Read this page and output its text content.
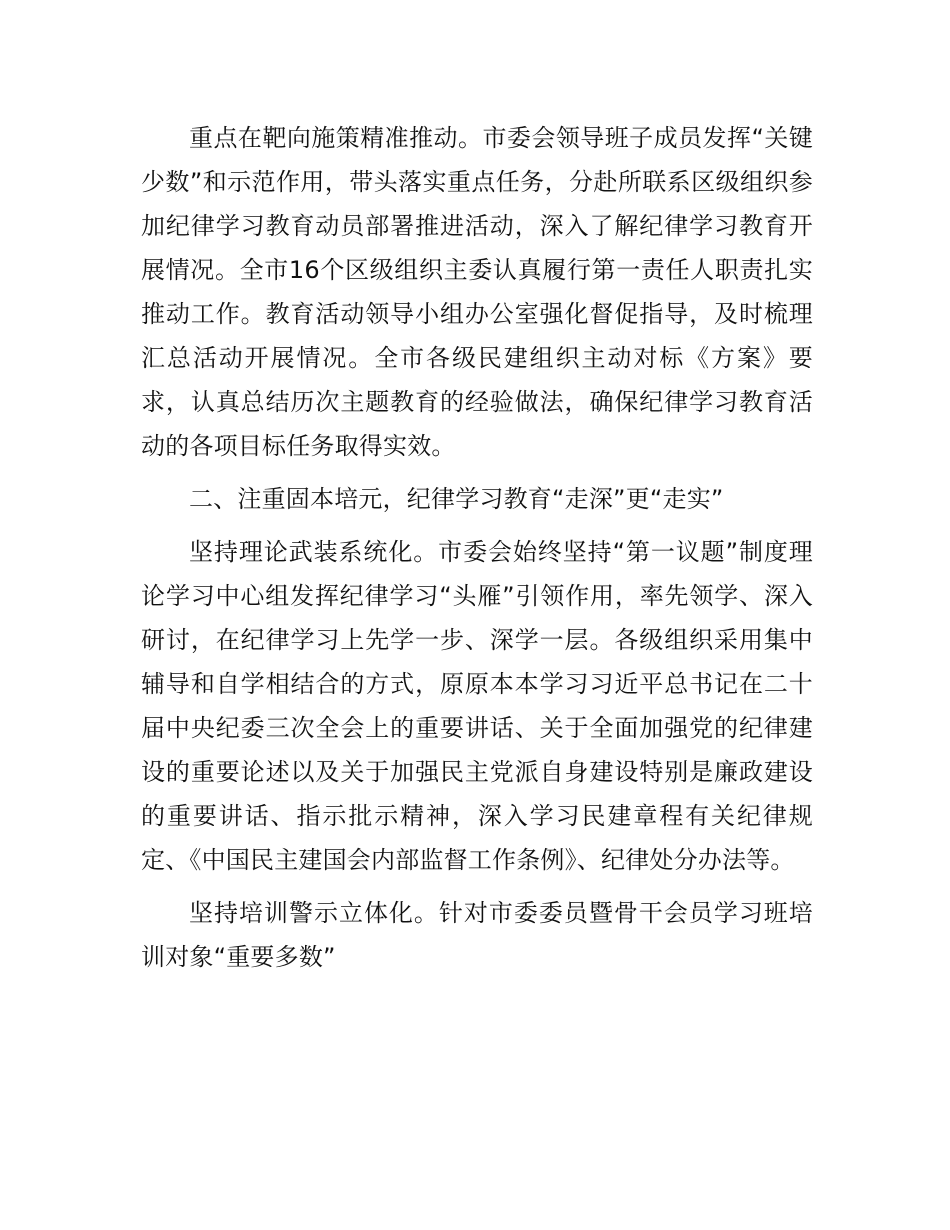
重点在靶向施策精准推动。市委会领导班子成员发挥“关键少数”和示范作用，带头落实重点任务，分赴所联系区级组织参加纪律学习教育动员部署推进活动，深入了解纪律学习教育开展情况。全市16个区级组织主委认真履行第一责任人职责扎实推动工作。教育活动领导小组办公室强化督促指导，及时梳理汇总活动开展情况。全市各级民建组织主动对标《方案》要求，认真总结历次主题教育的经验做法，确保纪律学习教育活动的各项目标任务取得实效。

二、注重固本培元，纪律学习教育“走深”更“走实”

坚持理论武装系统化。市委会始终坚持“第一议题”制度理论学习中心组发挥纪律学习“头雁”引领作用，率先领学、深入研讨，在纪律学习上先学一步、深学一层。各级组织采用集中辅导和自学相结合的方式，原原本本学习习近平总书记在二十届中央纪委三次全会上的重要讲话、关于全面加强党的纪律建设的重要论述以及关于加强民主党派自身建设特别是廉政建设的重要讲话、指示批示精神，深入学习民建章程有关纪律规定、《中国民主建国会内部监督工作条例》、纪律处分办法等。

坚持培训警示立体化。针对市委委员暨骨干会员学习班培训对象“重要多数”
